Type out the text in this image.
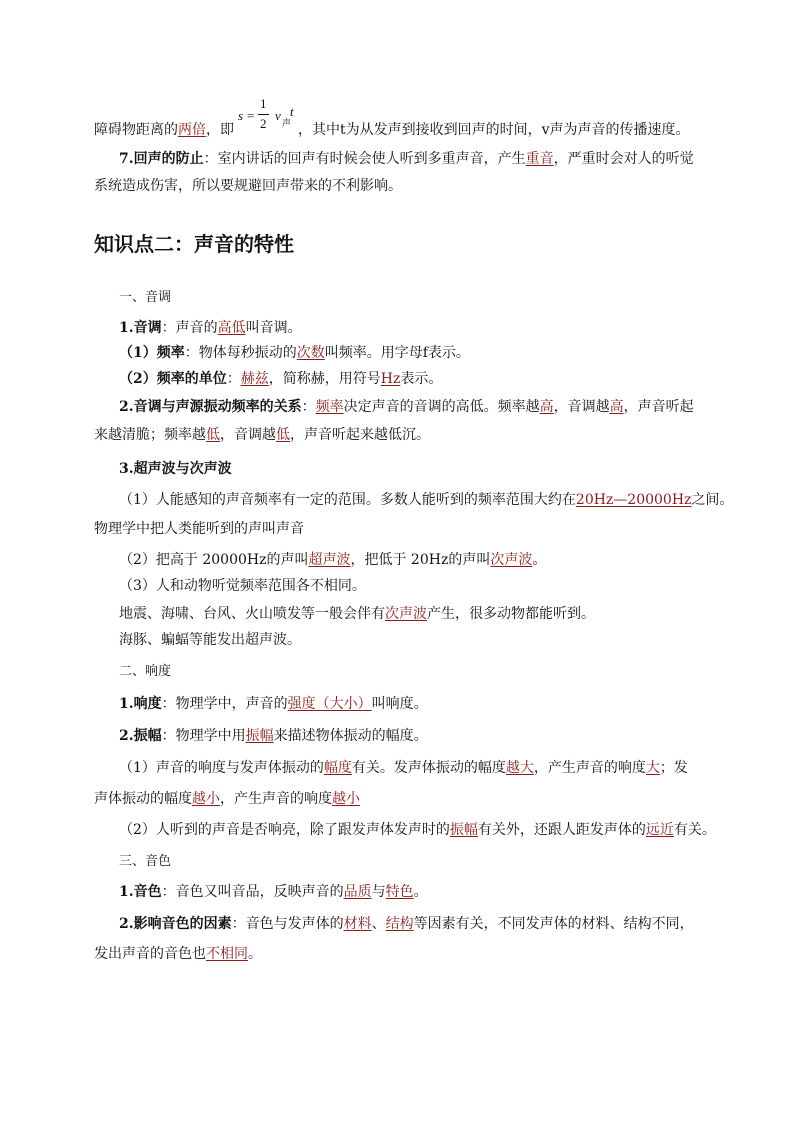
s =
1
2
v 声
t
障碍物距离的两倍，即	，其中t为从发声到接收到回声的时间，v声为声音的传播速度。
7.回声的防止：室内讲话的回声有时候会使人听到多重声音，产生重音，严重时会对人的听觉
系统造成伤害，所以要规避回声带来的不利影响。
知识点二：声音的特性
一、音调
1.音调：声音的高低叫音调。
（1）频率：物体每秒振动的次数叫频率。用字母f表示。
（2）频率的单位：赫兹，简称赫，用符号Hz表示。
2.音调与声源振动频率的关系：频率决定声音的音调的高低。频率越高，音调越高，声音听起
来越清脆；频率越低，音调越低，声音听起来越低沉。
3.超声波与次声波
（1）人能感知的声音频率有一定的范围。多数人能听到的频率范围大约在20Hz—20000Hz之间。
物理学中把人类能听到的声叫声音
（2）把高于 20000Hz的声叫超声波，把低于 20Hz的声叫次声波。
（3）人和动物听觉频率范围各不相同。
地震、海啸、台风、火山喷发等一般会伴有次声波产生，很多动物都能听到。
海豚、蝙蝠等能发出超声波。
二、响度
1.响度：物理学中，声音的强度（大小）叫响度。
2.振幅：物理学中用振幅来描述物体振动的幅度。
（1）声音的响度与发声体振动的幅度有关。发声体振动的幅度越大，产生声音的响度大；发
声体振动的幅度越小，产生声音的响度越小
（2）人听到的声音是否响亮，除了跟发声体发声时的振幅有关外，还跟人距发声体的远近有关。
三、音色
1.音色：音色又叫音品，反映声音的品质与特色。
2.影响音色的因素：音色与发声体的材料、结构等因素有关，不同发声体的材料、结构不同，
发出声音的音色也不相同。
